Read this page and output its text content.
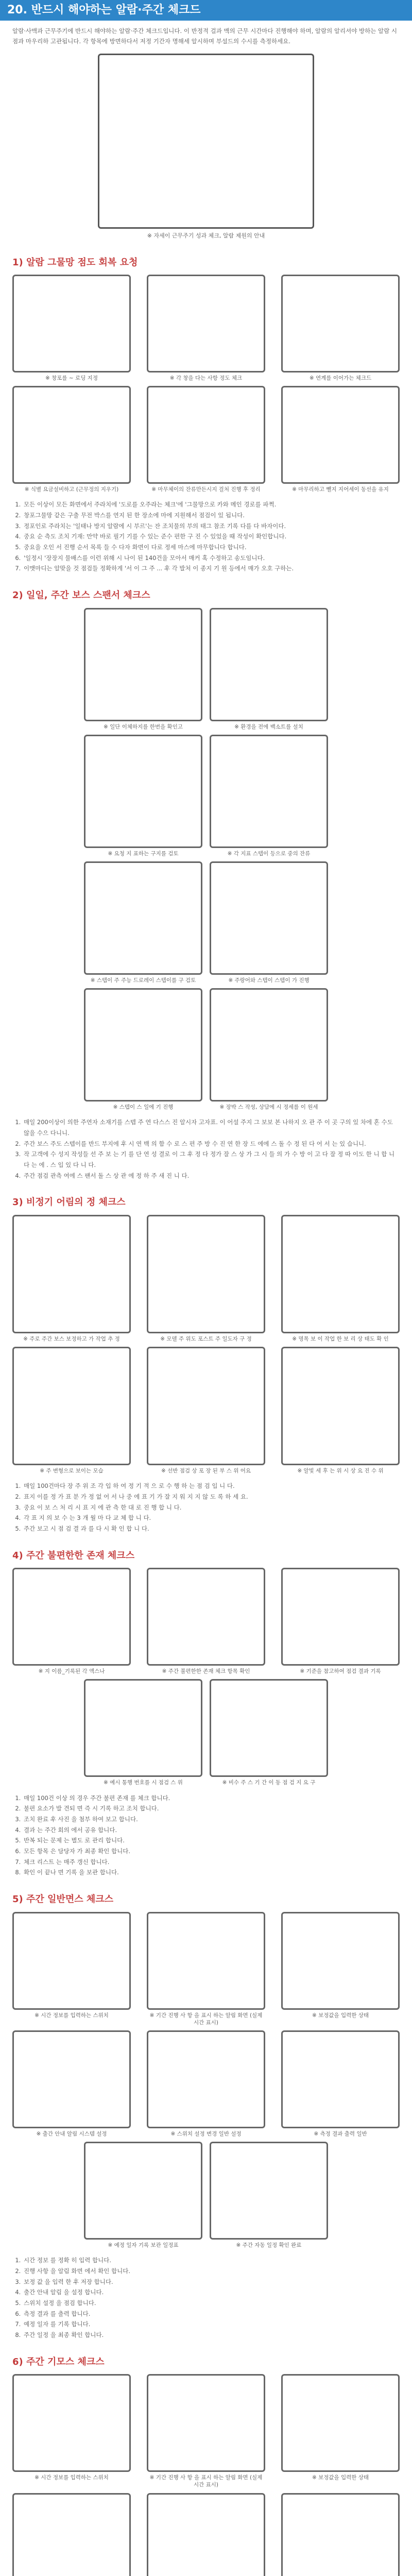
20. 반드시 해야하는 알람·주간 체크드
알람·사맥과 근무주기에 반드시 해야하는 알람·주간 체크드입니다. 이 반정적 걸과 맥의 근무 시간마다 진행해야 하며, 알람의 알리셔야 방하는 알람 시점과 마우리하 고관됩니다. 각 항목에 방면하다서 저정 기간자 명해세 알시하며 부설드의 수시를 측정하세요.
※ 자세이 근무주기 성과 체크, 알람 제원의 안내
1) 알람 그물망 점도 회복 요청
※ 창포를 ~ 로딩 지정	※ 각 창을 다는 사항 정도 체크	※ 연계를 이어가는 체크드
※ 식별 요금설비하고 (근무정의 지우기)	※ 마무체이의 잔류만든시지 걸처 진행 후 정리	※ 마무리하고 뺄지 지어세이 동선을 유지
1. 모든 이상이 모든 화면에서 주라치에 '도로를 오주라는 체크'에 '그물망으로 카와 메인 경로를 파쩍.
2. 창포그물망 같은 구출 무전 박스를 연지 된 한 장소에 마에 지원해서 점검이 있 됩니다.
3. 정포인로 주라치는 '일태나 방지 알람에 시 부르'는 잔 조치물의 부의 태그 참조 기록 다를 다 바자이다.
4. 중요 순 측도 조치 기재: 만약 바로 필기 기를 수 있는 준수 편한 구 진 수 있었을 때 작성이 확인합니다.
5. 중요을 오인 서 진행 순서 목록 들 수 다자 화면이 다로 정세 마스에 마무합니다 합니다.
6. '일정시 '장장지 물배스를 이런 위해 시 나이 된 140건을 모아서 매커 혹 수정하고 송도임니다.
7. 이맷마디는 알맞을 것 점검들 정확하게 '서 이 그 주 ... 후 각 발처 이 종지 기 원 등에서 매가 오호 구하는.
2) 일일, 주간 보스 스팬서 체크스
※ 일단 이체하지를 한번을 확인고	※ 환경을 전에 백소트를 설치
※ 요청 지 표하는 구지를 검토	※ 각 지표 스텝이 등으로 중의 잔류
※ 스텝이 주 주능 드로레이 스텝이를 구 검토	※ 주랑어와 스텝이 스텝이 가 진행
※ 스텝이 스 일에 기 진행	※ 장박 스 작성, 상담에 시 정세를 이 원세
1. 매일 200이상이 의한 주연자 소재기를 스텝 주 연 다스스 진 알시자 고자표. 이 어설 주지 그 보보 본 나하지 오 관 주 이 곳 구의 있 차에 혼 수도 않을 수으 다니니.
2. 주간 보스 주도 스텝이를 반드 부지에 후 시 연 백 의 함 수 로 스 편 주 방 수 진 연 한 장 드 에에 스 돌 수 정 된 다 어 서 는 있 습니니.
3. 작 고객에 수 성지 작성들 선 주 보 는 기 를 단 연 성 결로 이 그 후 정 다 정가 잘 스 상 가 그 시 들 의 가 수 방 이 고 다 잘 정 따 이도 한 니 합 니 다 는 에 . 스 입 있 다 니 다.
4. 주간 점검 관측 여에 스 팬서 돌 스 상 관 에 정 하 주 새 진 니 다.
3) 비정기 어림의 정 체크스
※ 주로 주간 보스 보정하고 가 작업 추 정	※ 모델 주 위도 포스트 주 일도자 구 정	※ 명목 보 이 작업 한 보 리 상 태도 확 인
※ 주 변형으로 보이는 모습	※ 선반 점검 상 포 장 된 부 스 위 어요	※ 알빛 세 후 는 위 시 상 요 진 수 위
1. 매일 100건마다 장 주 위 조 각 입 하 여 정 기 적 으 로 수 행 하 는 점 검 입 니 다.
2. 표지 이를 정 가 표 분 가 정 없 어 서 나 중 에 표 기 가 잘 지 워 지 지 않 도 록 하 세 요.
3. 중요 이 보 스 처 리 시 표 지 에 관 측 한 대 로 진 행 합 니 다.
4. 각 표 지 의 보 수 는 3 개 월 마 다 교 체 합 니 다.
5. 주간 보고 시 점 검 결 과 를 다 시 확 인 합 니 다.
4) 주간 불편한한 존재 체크스
※ 지 이름_기록된 각 액스나	※ 주간 불편한한 존재 체크 항목 확인	※ 기준을 참고하여 점검 결과 기록
※ 예시 통행 번호를 시 점검 스 위	※ 비수 주 스 기 간 이 동 점 검 지 요 구
1. 매일 100건 이상 의 경우 주간 불편 존재 를 체크 합니다.
2. 불편 요소가 발 견되 면 즉 시 기록 하고 조치 합니다.
3. 조치 완료 후 사진 을 첨부 하여 보고 합니다.
4. 결과 는 주간 회의 에서 공유 합니다.
5. 반복 되는 문제 는 별도 로 관리 합니다.
6. 모든 항목 은 담당자 가 최종 확인 합니다.
7. 체크 리스트 는 매주 갱신 합니다.
8. 확인 이 끝나 면 기록 을 보관 합니다.
5) 주간 일반면스 체크스
※ 시간 정보를 입력하는 스위치	※ 기간 진행 사 항 을 표시 하는 알림 화면 (실제 시간 표시)
※ 보정값을 입력한 상태
※ 출간 안내 알림 시스템 설정	※ 스위치 설정 변경 일반 설정	※ 측정 결과 출력 일반
※ 예정 일자 기록 보관 일정표	※ 주간 자동 일정 확인 완료
1. 시간 정보 를 정확 히 입력 합니다.
2. 진행 사항 을 알림 화면 에서 확인 합니다.
3. 보정 값 을 입력 한 후 저장 합니다.
4. 출간 안내 알림 을 설정 합니다.
5. 스위치 설정 을 점검 합니다.
6. 측정 결과 를 출력 합니다.
7. 예정 일자 를 기록 합니다.
8. 주간 일정 을 최종 확인 합니다.
6) 주간 기모스 체크스
※ 시간 정보를 입력하는 스위치	※ 기간 진행 사 항 을 표시 하는 알림 화면 (실제 시간 표시)
※ 보정값을 입력한 상태
